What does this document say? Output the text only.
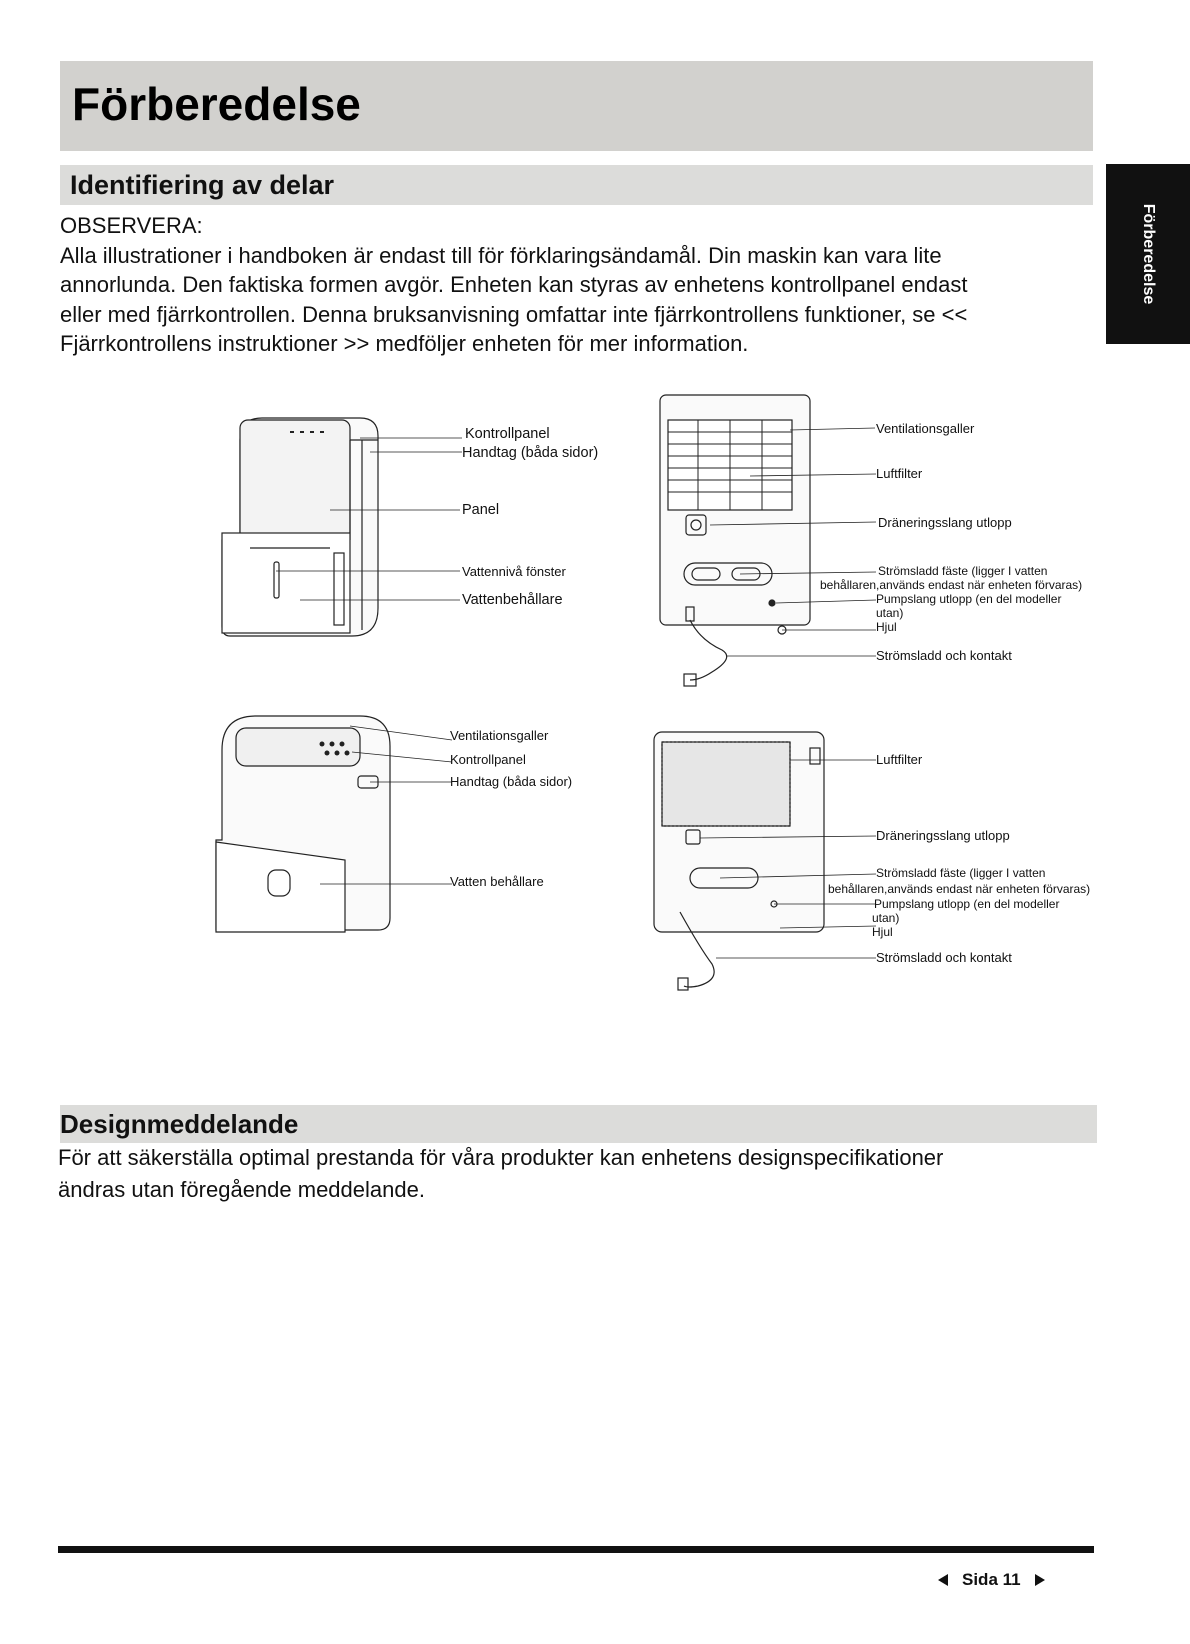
Förberedelse
Identifiering av delar
Förberedelse

OBSERVERA:

Alla illustrationer i handboken är endast till för förklaringsändamål. Din maskin kan vara lite

annorlunda. Den faktiska formen avgör. Enheten kan styras av enhetens kontrollpanel endast

eller med fjärrkontrollen. Denna bruksanvisning omfattar inte fjärrkontrollens funktioner, se <<

Fjärrkontrollens instruktioner >> medföljer enheten för mer information.

Kontrollpanel
Handtag (båda sidor)
Panel
Vattennivå fönster
Vattenbehållare
Ventilationsgaller
Luftfilter
Dräneringsslang utlopp
Strömsladd fäste (ligger I vatten
behållaren,används endast när enheten förvaras)
Pumpslang utlopp (en del modeller
utan)
Hjul
Strömsladd och kontakt
Ventilationsgaller
Kontrollpanel
Handtag (båda sidor)
Vatten behållare
Luftfilter
Dräneringsslang utlopp
Strömsladd fäste (ligger I vatten
behållaren,används endast när enheten förvaras)
Pumpslang utlopp (en del modeller
utan)
Hjul
Strömsladd och kontakt
Designmeddelande
För att säkerställa optimal prestanda för våra produkter kan enhetens designspecifikationer
ändras utan föregående meddelande.
Sida 11
